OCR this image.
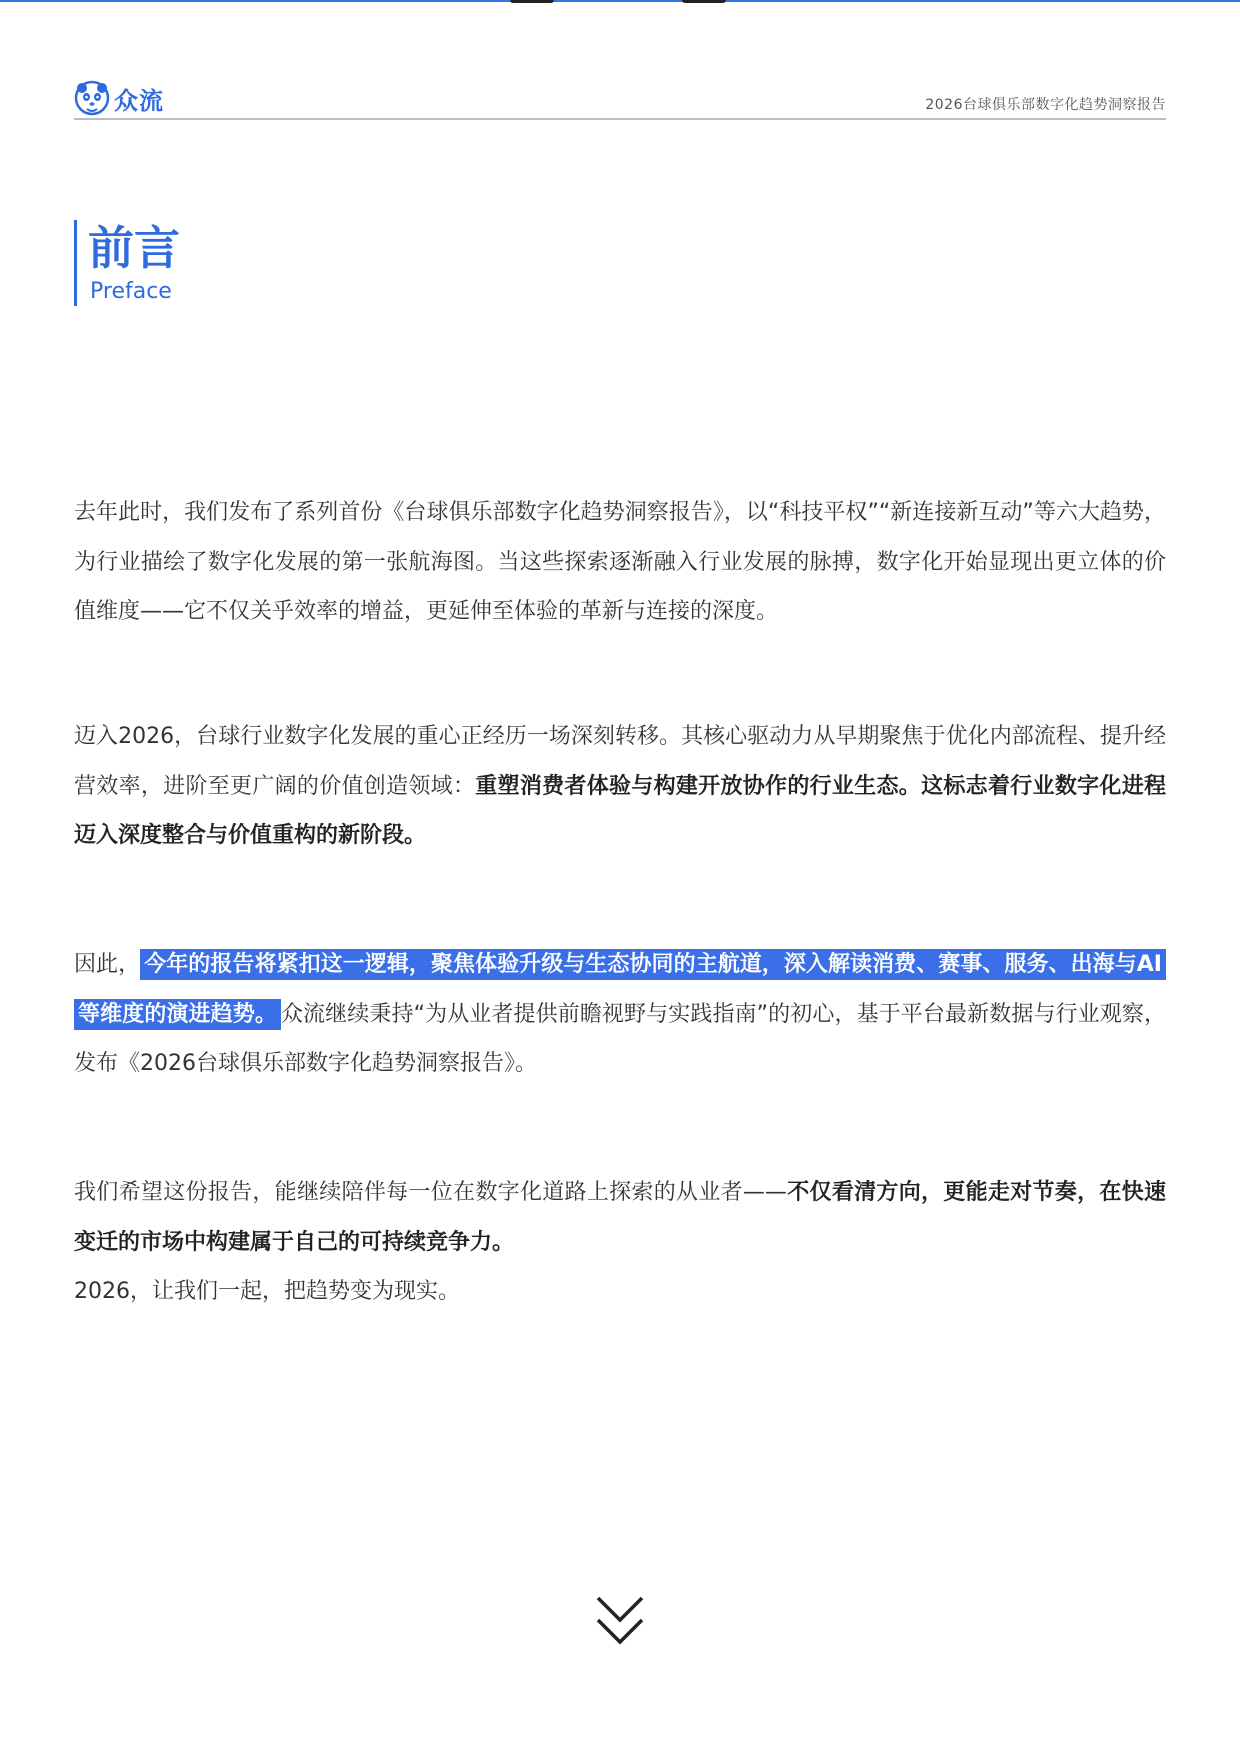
众流	2026台球俱乐部数字化趋势洞察报告
前言
Preface

去年此时，我们发布了系列首份《台球俱乐部数字化趋势洞察报告》，以“科技平权”“新连接新互动”等六大趋势，为行业描绘了数字化发展的第一张航海图。当这些探索逐渐融入行业发展的脉搏，数字化开始显现出更立体的价值维度——它不仅关乎效率的增益，更延伸至体验的革新与连接的深度。

迈入2026，台球行业数字化发展的重心正经历一场深刻转移。其核心驱动力从早期聚焦于优化内部流程、提升经营效率，进阶至更广阔的价值创造领域：重塑消费者体验与构建开放协作的行业生态。这标志着行业数字化进程迈入深度整合与价值重构的新阶段。

因此， 今年的报告将紧扣这一逻辑，聚焦体验升级与生态协同的主航道，深入解读消费、赛事、服务、出海与AI等维度的演进趋势。 众流继续秉持“为从业者提供前瞻视野与实践指南”的初心，基于平台最新数据与行业观察，发布《2026台球俱乐部数字化趋势洞察报告》。

我们希望这份报告，能继续陪伴每一位在数字化道路上探索的从业者——不仅看清方向，更能走对节奏，在快速变迁的市场中构建属于自己的可持续竞争力。
2026，让我们一起，把趋势变为现实。
